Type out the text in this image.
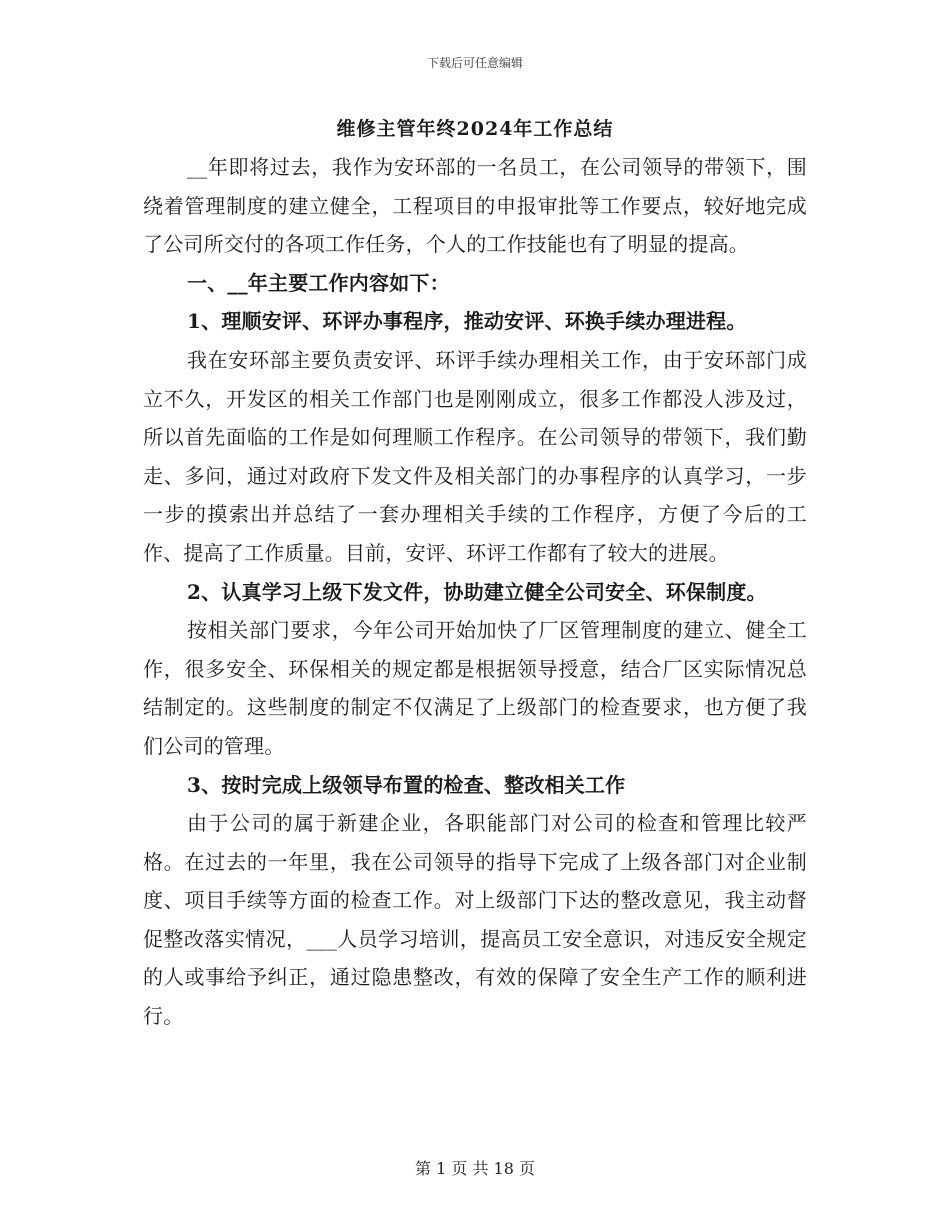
下载后可任意编辑
维修主管年终2024年工作总结

__年即将过去，我作为安环部的一名员工，在公司领导的带领下，围绕着管理制度的建立健全，工程项目的申报审批等工作要点，较好地完成了公司所交付的各项工作任务，个人的工作技能也有了明显的提高。

一、__年主要工作内容如下：

1、理顺安评、环评办事程序，推动安评、环换手续办理进程。

我在安环部主要负责安评、环评手续办理相关工作，由于安环部门成立不久，开发区的相关工作部门也是刚刚成立，很多工作都没人涉及过，所以首先面临的工作是如何理顺工作程序。在公司领导的带领下，我们勤走、多问，通过对政府下发文件及相关部门的办事程序的认真学习，一步一步的摸索出并总结了一套办理相关手续的工作程序，方便了今后的工作、提高了工作质量。目前，安评、环评工作都有了较大的进展。

2、认真学习上级下发文件，协助建立健全公司安全、环保制度。

按相关部门要求，今年公司开始加快了厂区管理制度的建立、健全工作，很多安全、环保相关的规定都是根据领导授意，结合厂区实际情况总结制定的。这些制度的制定不仅满足了上级部门的检查要求，也方便了我们公司的管理。

3、按时完成上级领导布置的检查、整改相关工作

由于公司的属于新建企业，各职能部门对公司的检查和管理比较严格。在过去的一年里，我在公司领导的指导下完成了上级各部门对企业制度、项目手续等方面的检查工作。对上级部门下达的整改意见，我主动督促整改落实情况，___人员学习培训，提高员工安全意识，对违反安全规定的人或事给予纠正，通过隐患整改，有效的保障了安全生产工作的顺利进行。

第 1 页 共 18 页
